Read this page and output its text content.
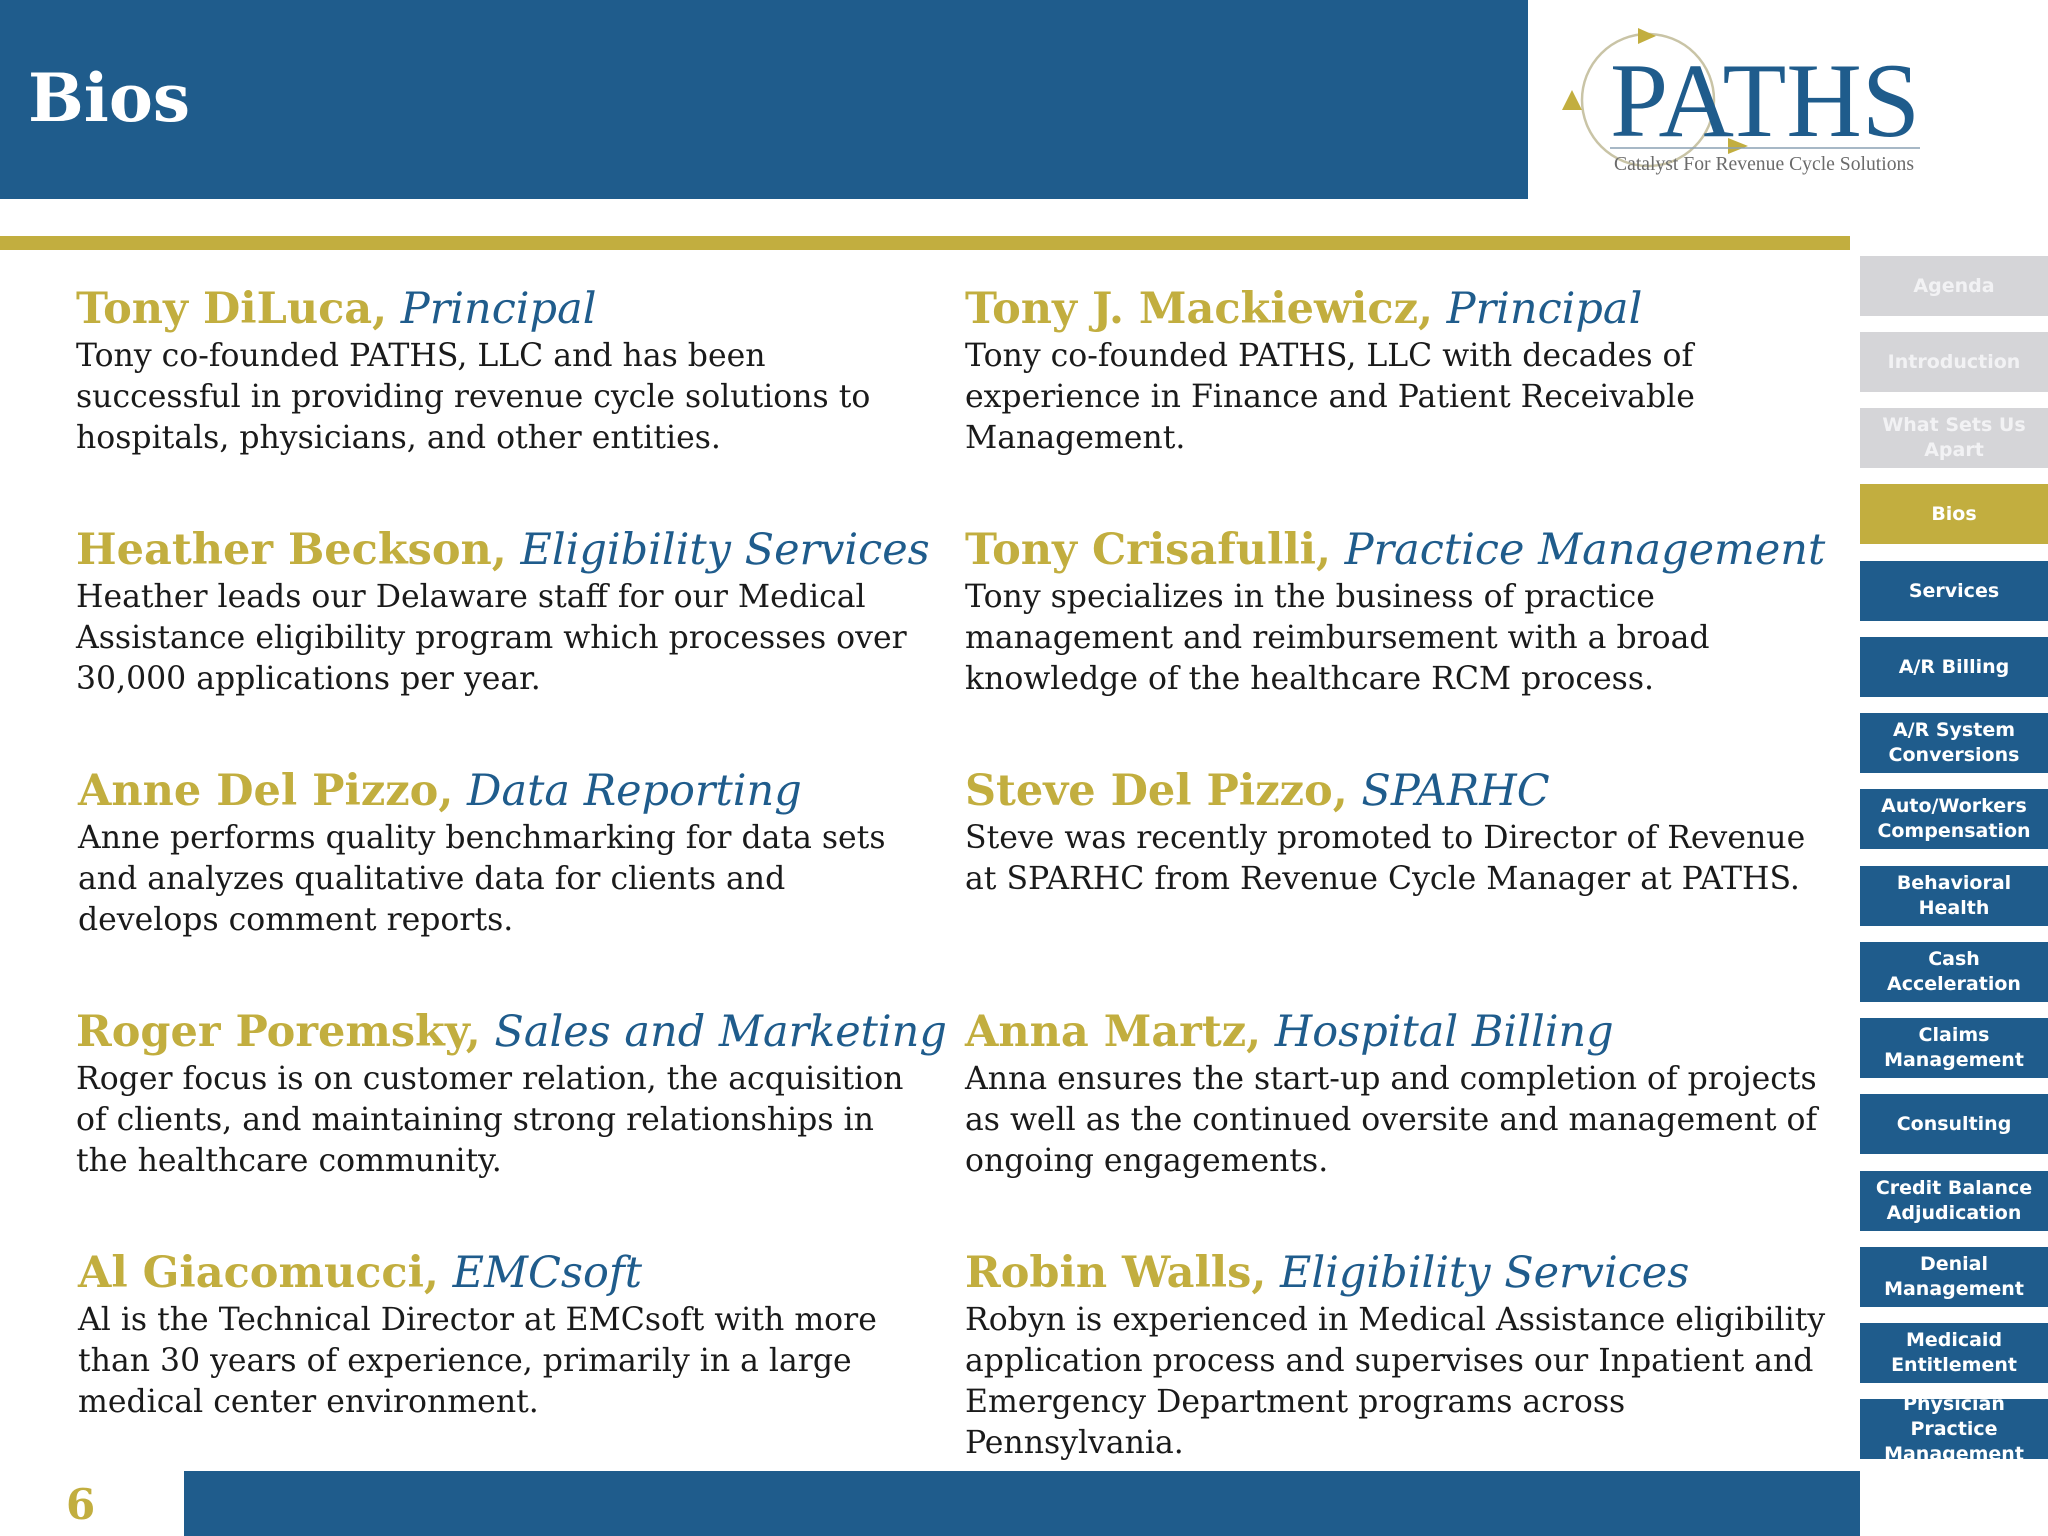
Bios	PATHS
Catalyst For Revenue Cycle Solutions

Tony DiLuca, Principal

Tony co-founded PATHS, LLC and has been successful in providing revenue cycle solutions to hospitals, physicians, and other entities.

Heather Beckson, Eligibility Services

Heather leads our Delaware staff for our Medical Assistance eligibility program which processes over 30,000 applications per year.

Anne Del Pizzo, Data Reporting

Anne performs quality benchmarking for data sets and analyzes qualitative data for clients and develops comment reports.

Roger Poremsky, Sales and Marketing

Roger focus is on customer relation, the acquisition of clients, and maintaining strong relationships in the healthcare community.

Al Giacomucci, EMCsoft

Al is the Technical Director at EMCsoft with more than 30 years of experience, primarily in a large medical center environment.

Tony J. Mackiewicz, Principal

Tony co-founded PATHS, LLC with decades of experience in Finance and Patient Receivable Management.

Tony Crisafulli, Practice Management

Tony specializes in the business of practice management and reimbursement with a broad knowledge of the healthcare RCM process.

Steve Del Pizzo, SPARHC

Steve was recently promoted to Director of Revenue at SPARHC from Revenue Cycle Manager at PATHS.

Anna Martz, Hospital Billing

Anna ensures the start-up and completion of projects as well as the continued oversite and management of ongoing engagements.

Robin Walls, Eligibility Services

Robyn is experienced in Medical Assistance eligibility application process and supervises our Inpatient and Emergency Department programs across Pennsylvania.

Agenda
Introduction
What Sets Us Apart
Bios
Services
A/R Billing
A/R System Conversions
Auto/Workers Compensation
Behavioral Health
Cash Acceleration
Claims Management
Consulting
Credit Balance Adjudication
Denial Management
Medicaid Entitlement
Physician Practice Management
6
